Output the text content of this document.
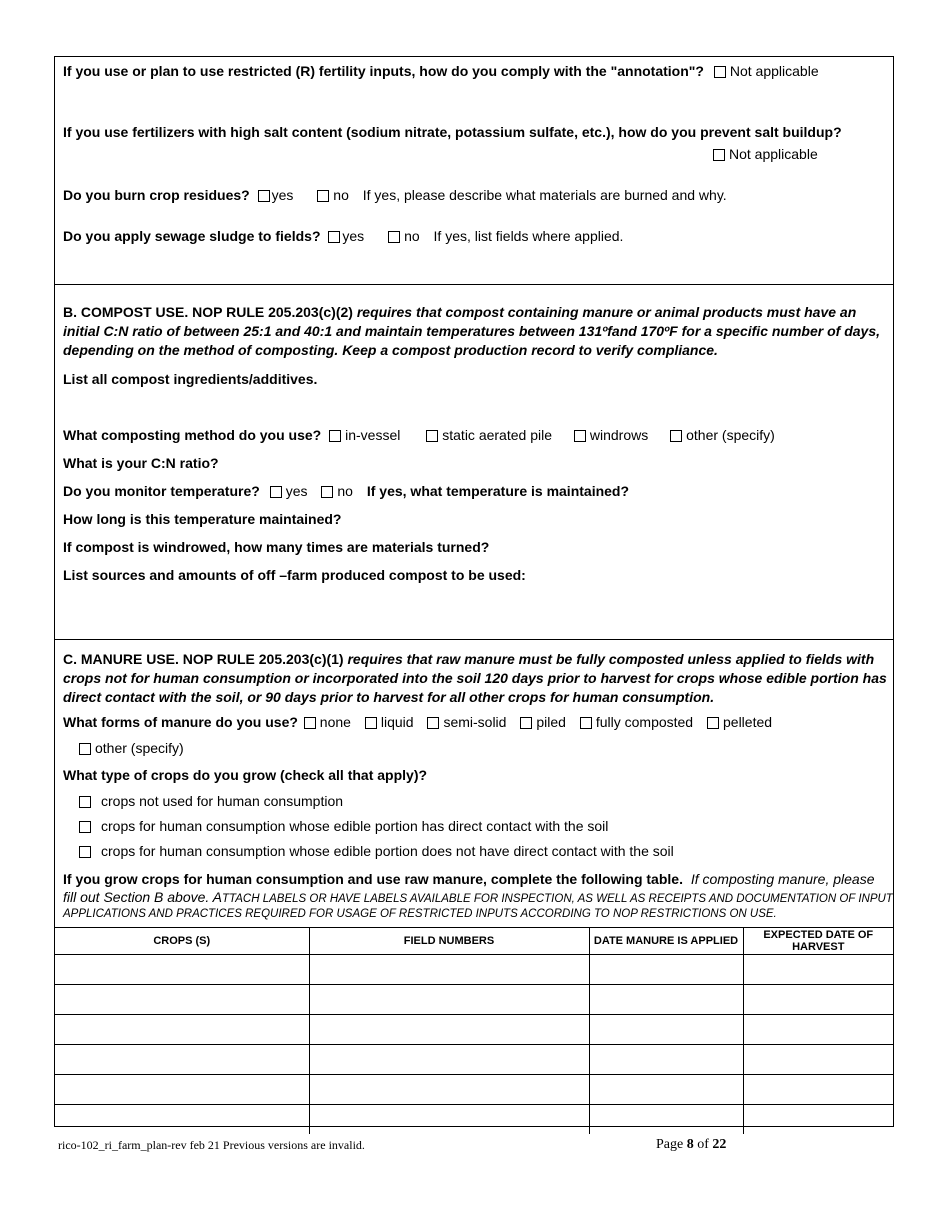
If you use or plan to use restricted (R) fertility inputs, how do you comply with the "annotation"? Not applicable
If you use fertilizers with high salt content (sodium nitrate, potassium sulfate, etc.), how do you prevent salt buildup?
Not applicable
Do you burn crop residues? yes	no If yes, please describe what materials are burned and why.
Do you apply sewage sludge to fields? yes	no If yes, list fields where applied.
B. COMPOST USE. NOP RULE 205.203(c)(2) requires that compost containing manure or animal products must have an
initial C:N ratio of between 25:1 and 40:1 and maintain temperatures between 131ºfand 170ºF for a specific number of days,
depending on the method of composting. Keep a compost production record to verify compliance.
List all compost ingredients/additives.
What composting method do you use? in-vessel	static aerated pile	windrows	other (specify)
What is your C:N ratio?
Do you monitor temperature? yes no If yes, what temperature is maintained?
How long is this temperature maintained?
If compost is windrowed, how many times are materials turned?
List sources and amounts of off –farm produced compost to be used:
C. MANURE USE. NOP RULE 205.203(c)(1) requires that raw manure must be fully composted unless applied to fields with
crops not for human consumption or incorporated into the soil 120 days prior to harvest for crops whose edible portion has
direct contact with the soil, or 90 days prior to harvest for all other crops for human consumption.
What forms of manure do you use? none liquid semi-solid piled fully composted pelleted
other (specify)
What type of crops do you grow (check all that apply)?
crops not used for human consumption
crops for human consumption whose edible portion has direct contact with the soil
crops for human consumption whose edible portion does not have direct contact with the soil
If you grow crops for human consumption and use raw manure, complete the following table. If composting manure, please
fill out Section B above. ATTACH LABELS OR HAVE LABELS AVAILABLE FOR INSPECTION, AS WELL AS RECEIPTS AND DOCUMENTATION OF INPUT
APPLICATIONS AND PRACTICES REQUIRED FOR USAGE OF RESTRICTED INPUTS ACCORDING TO NOP RESTRICTIONS ON USE.
CROPS (S)	FIELD NUMBERS	DATE MANURE IS APPLIED	EXPECTED DATE OF HARVEST

rico-102_ri_farm_plan-rev feb 21 Previous versions are invalid.	Page 8 of 22
